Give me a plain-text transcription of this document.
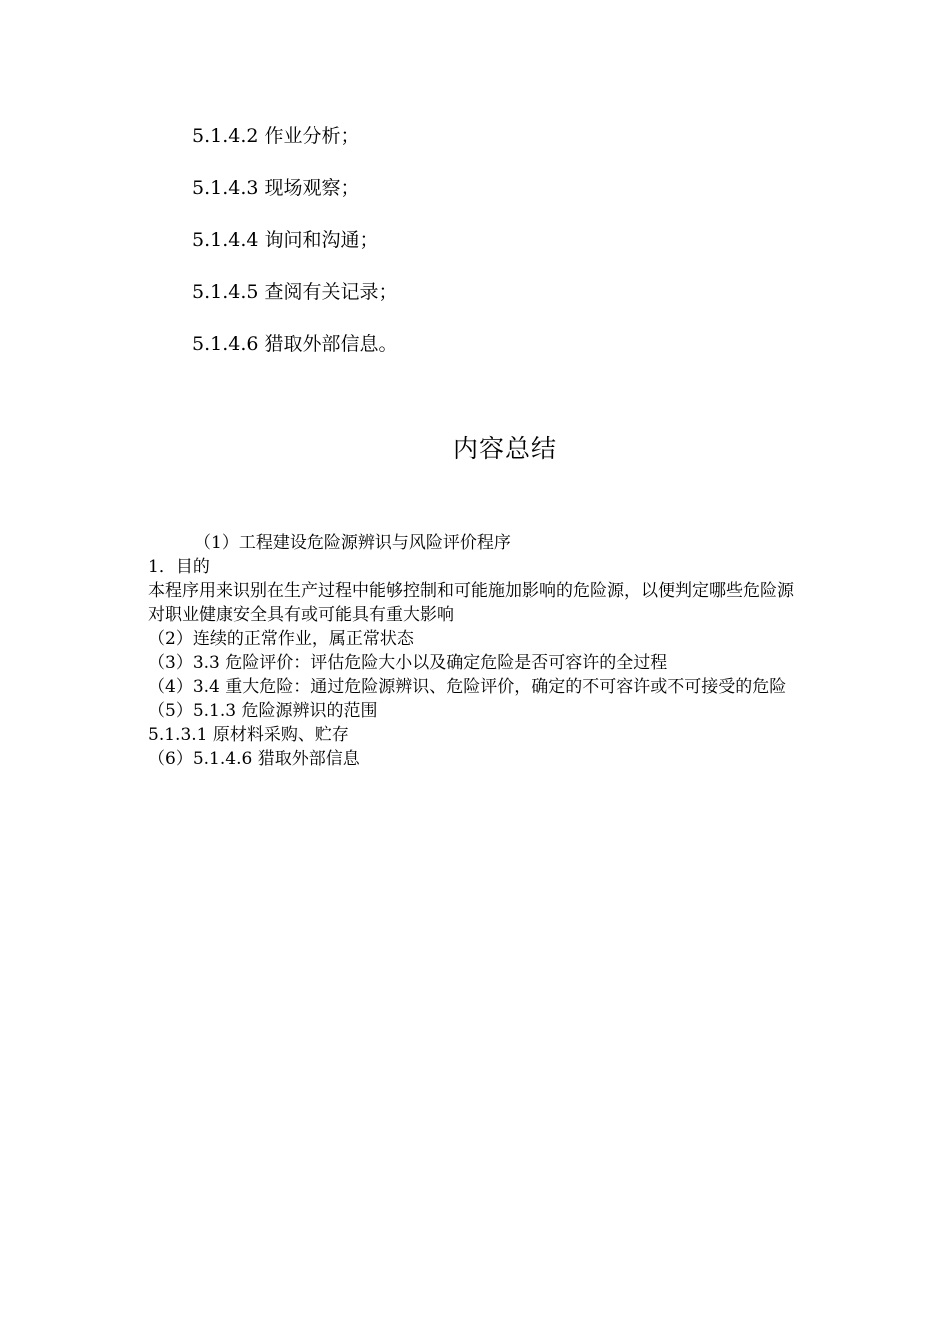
5.1.4.2 作业分析；
5.1.4.3 现场观察；
5.1.4.4 询问和沟通；
5.1.4.5 查阅有关记录；
5.1.4.6 猎取外部信息。
内容总结
（1）工程建设危险源辨识与风险评价程序
1．目的
本程序用来识别在生产过程中能够控制和可能施加影响的危险源，以便判定哪些危险源对职业健康安全具有或可能具有重大影响
（2）连续的正常作业，属正常状态
（3）3.3 危险评价：评估危险大小以及确定危险是否可容许的全过程
（4）3.4 重大危险：通过危险源辨识、危险评价，确定的不可容许或不可接受的危险
（5）5.1.3 危险源辨识的范围
5.1.3.1 原材料采购、贮存
（6）5.1.4.6 猎取外部信息
